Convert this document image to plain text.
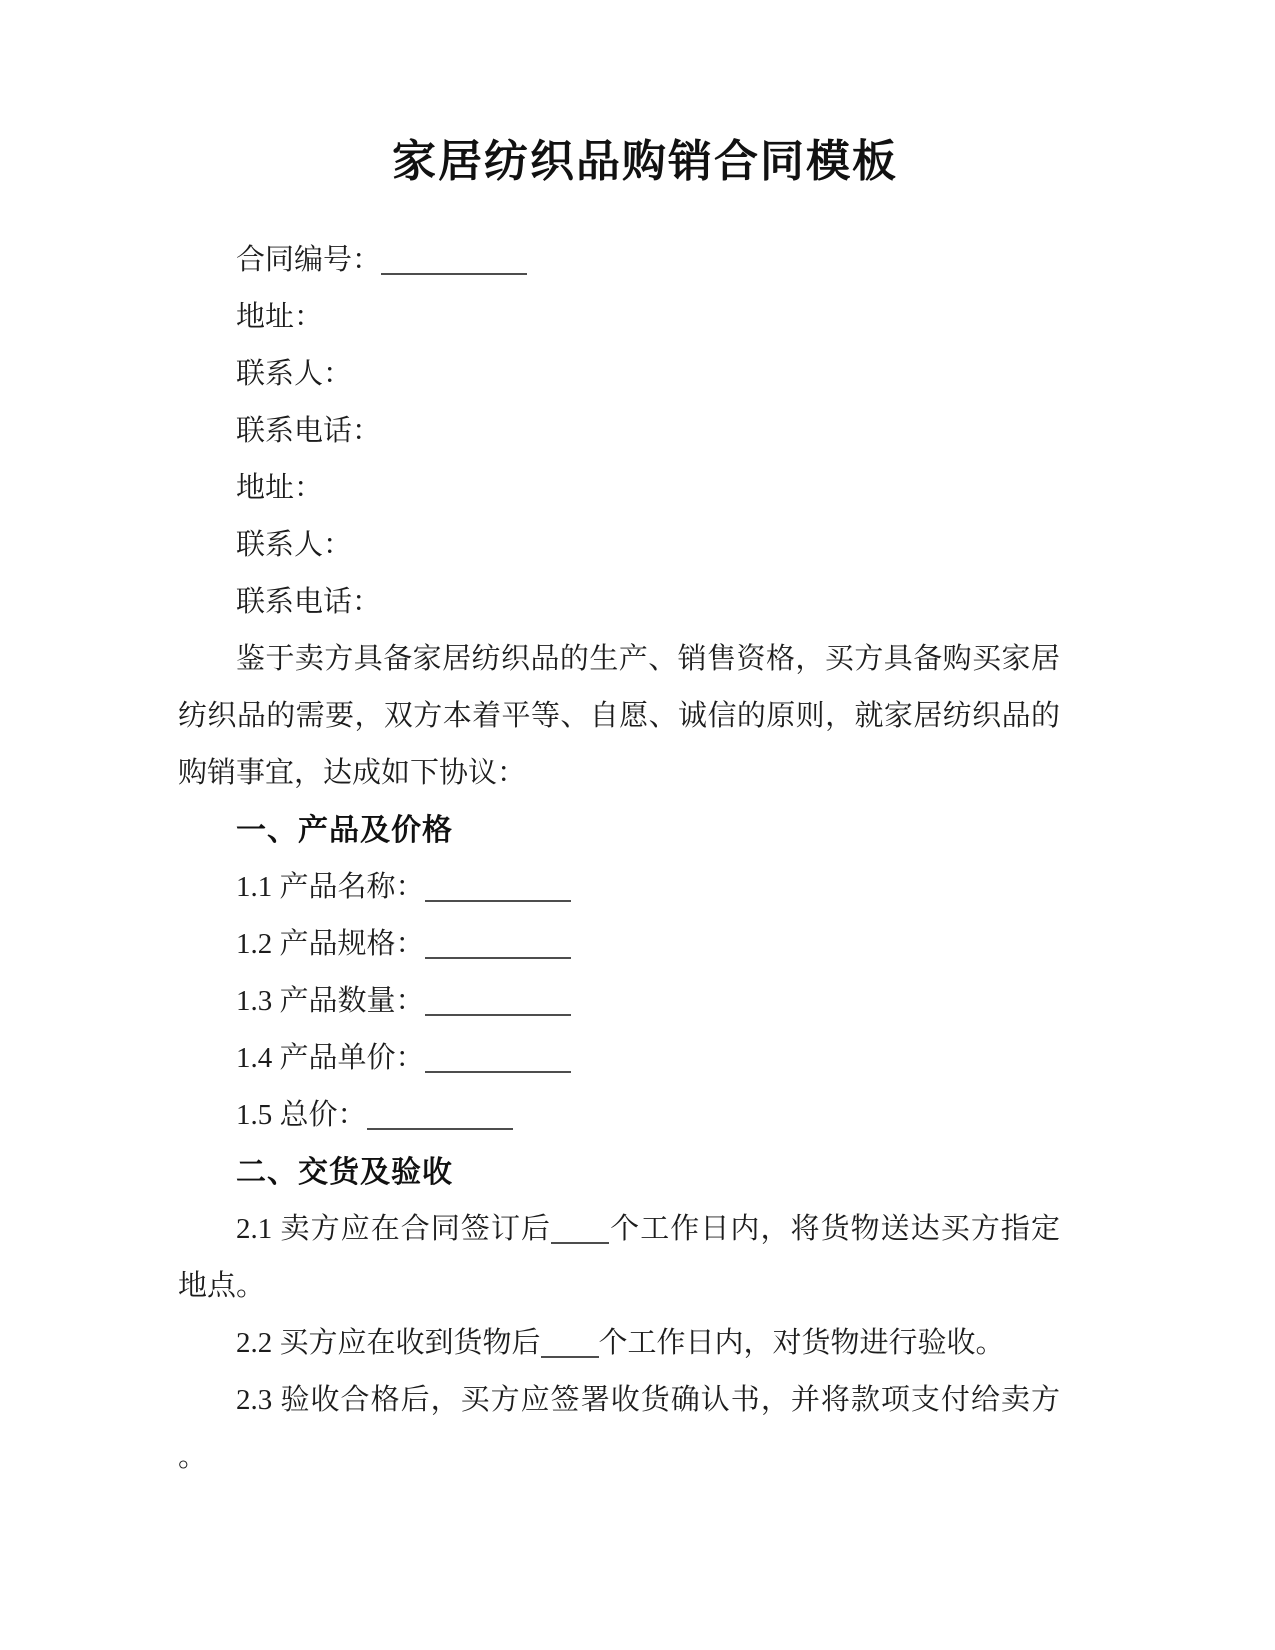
家居纺织品购销合同模板
合同编号：
地址：
联系人：
联系电话：
地址：
联系人：
联系电话：
鉴于卖方具备家居纺织品的生产、销售资格，买方具备购买家居
纺织品的需要，双方本着平等、自愿、诚信的原则，就家居纺织品的
购销事宜，达成如下协议：
一、产品及价格
1.1 产品名称：
1.2 产品规格：
1.3 产品数量：
1.4 产品单价：
1.5 总价：
二、交货及验收
2.1 卖方应在合同签订后 个工作日内，将货物送达买方指定
地点。
2.2 买方应在收到货物后 个工作日内，对货物进行验收。
2.3 验收合格后，买方应签署收货确认书，并将款项支付给卖方
。
